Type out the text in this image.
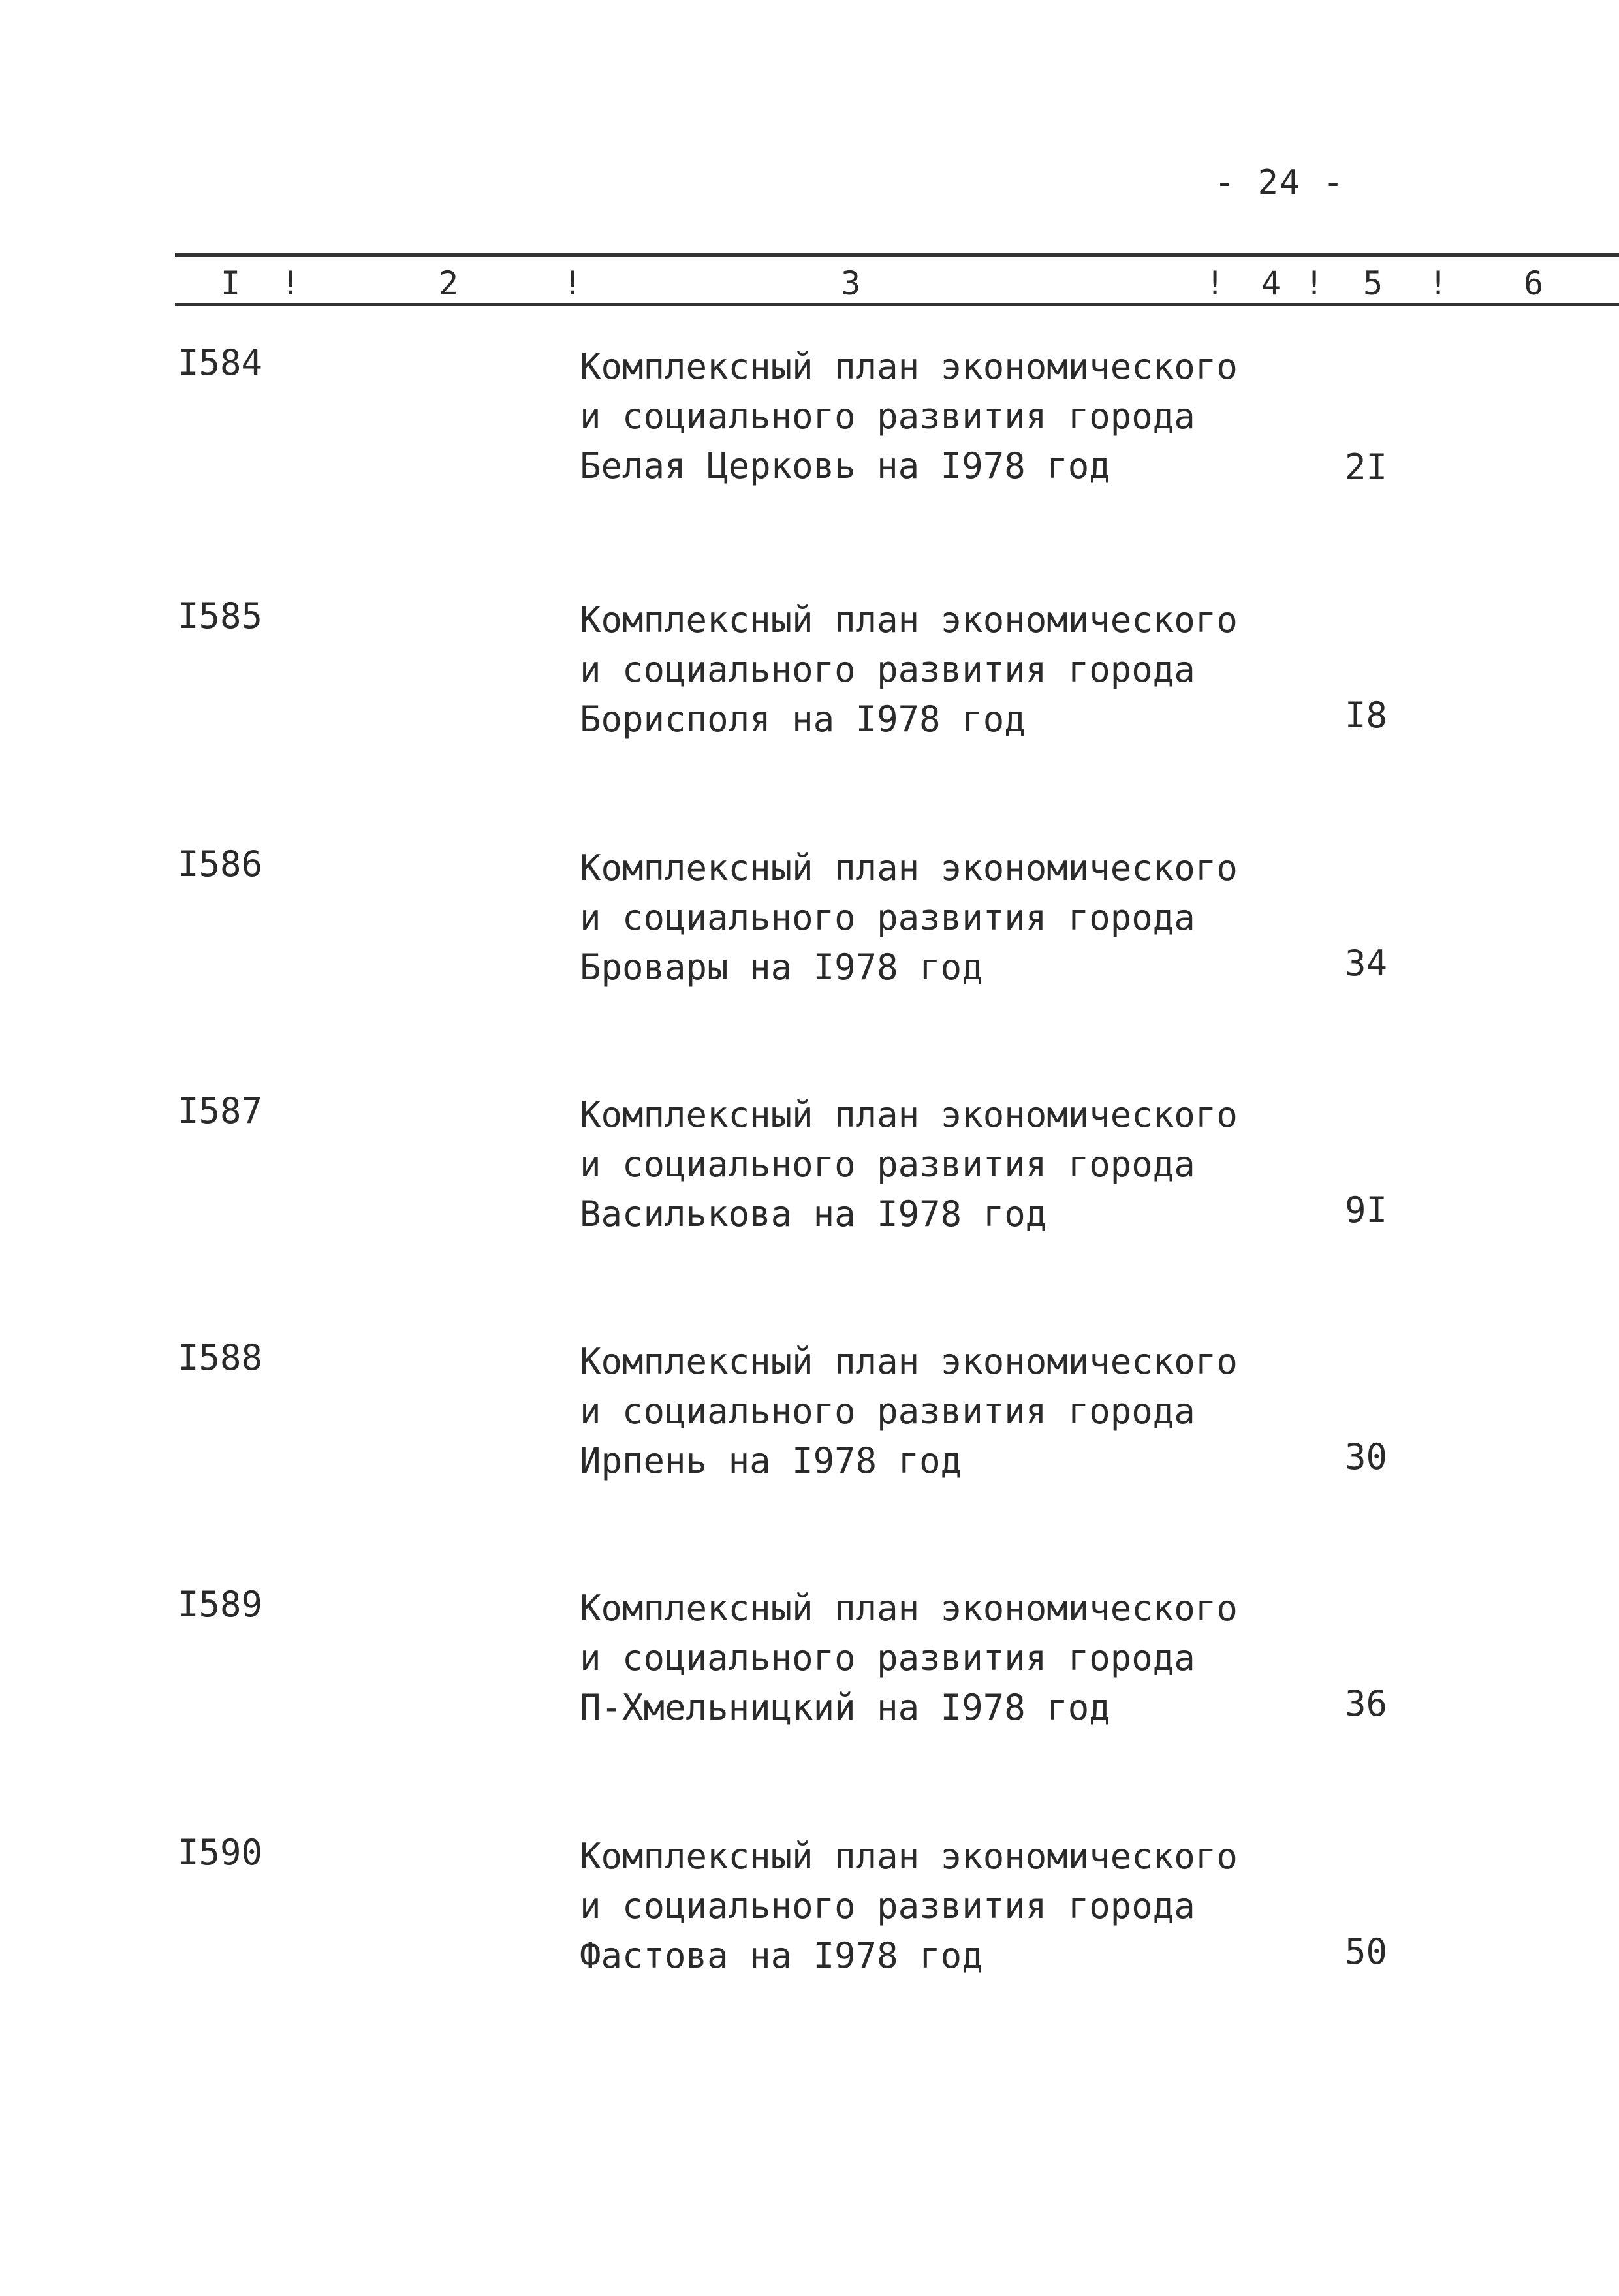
- 24 -
I !	2	!	3	! 4 ! 5 ! 6
I584	Комплексный план экономического
и социального развития города
Белая Церковь на I978 год	2I
I585	Комплексный план экономического
и социального развития города
Борисполя на I978 год	I8
I586	Комплексный план экономического
и социального развития города
Бровары на I978 год	34
I587	Комплексный план экономического
и социального развития города
Василькова на I978 год	9I
I588	Комплексный план экономического
и социального развития города
Ирпень на I978 год	30
I589	Комплексный план экономического
и социального развития города
П-Хмельницкий на I978 год	36
I590	Комплексный план экономического
и социального развития города
Фастова на I978 год	50
